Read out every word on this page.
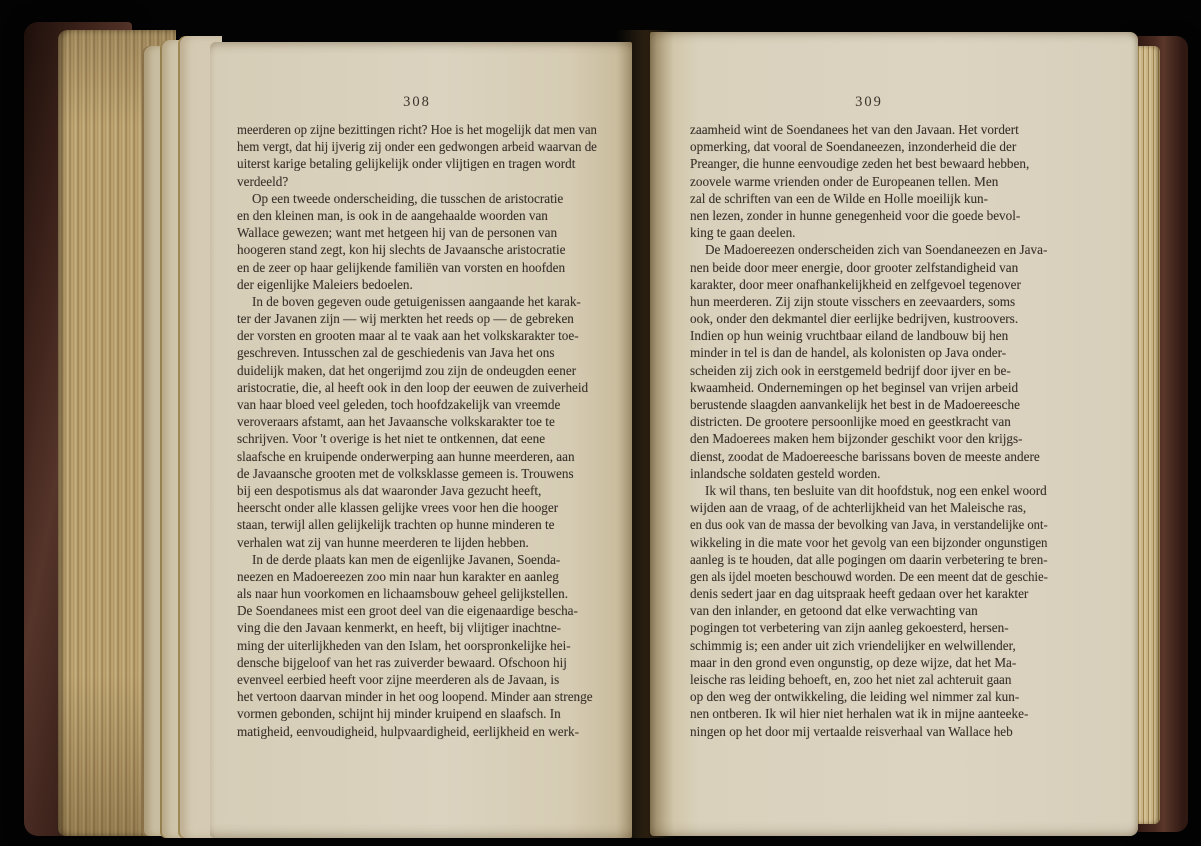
308
meerderen op zijne bezittingen richt? Hoe is het mogelijk dat men van
hem vergt, dat hij ijverig zij onder een gedwongen arbeid waarvan de
uiterst karige betaling gelijkelijk onder vlijtigen en tragen wordt
verdeeld?
Op een tweede onderscheiding, die tusschen de aristocratie
en den kleinen man, is ook in de aangehaalde woorden van
Wallace gewezen; want met hetgeen hij van de personen van
hoogeren stand zegt, kon hij slechts de Javaansche aristocratie
en de zeer op haar gelijkende familiën van vorsten en hoofden
der eigenlijke Maleiers bedoelen.
In de boven gegeven oude getuigenissen aangaande het karak-
ter der Javanen zijn — wij merkten het reeds op — de gebreken
der vorsten en grooten maar al te vaak aan het volkskarakter toe-
geschreven. Intusschen zal de geschiedenis van Java het ons
duidelijk maken, dat het ongerijmd zou zijn de ondeugden eener
aristocratie, die, al heeft ook in den loop der eeuwen de zuiverheid
van haar bloed veel geleden, toch hoofdzakelijk van vreemde
veroveraars afstamt, aan het Javaansche volkskarakter toe te
schrijven. Voor 't overige is het niet te ontkennen, dat eene
slaafsche en kruipende onderwerping aan hunne meerderen, aan
de Javaansche grooten met de volksklasse gemeen is. Trouwens
bij een despotismus als dat waaronder Java gezucht heeft,
heerscht onder alle klassen gelijke vrees voor hen die hooger
staan, terwijl allen gelijkelijk trachten op hunne minderen te
verhalen wat zij van hunne meerderen te lijden hebben.
In de derde plaats kan men de eigenlijke Javanen, Soenda-
neezen en Madoereezen zoo min naar hun karakter en aanleg
als naar hun voorkomen en lichaamsbouw geheel gelijkstellen.
De Soendanees mist een groot deel van die eigenaardige bescha-
ving die den Javaan kenmerkt, en heeft, bij vlijtiger inachtne-
ming der uiterlijkheden van den Islam, het oorspronkelijke hei-
densche bijgeloof van het ras zuiverder bewaard. Ofschoon hij
evenveel eerbied heeft voor zijne meerderen als de Javaan, is
het vertoon daarvan minder in het oog loopend. Minder aan strenge
vormen gebonden, schijnt hij minder kruipend en slaafsch. In
matigheid, eenvoudigheid, hulpvaardigheid, eerlijkheid en werk-
309
zaamheid wint de Soendanees het van den Javaan. Het vordert
opmerking, dat vooral de Soendaneezen, inzonderheid die der
Preanger, die hunne eenvoudige zeden het best bewaard hebben,
zoovele warme vrienden onder de Europeanen tellen. Men
zal de schriften van een de Wilde en Holle moeilijk kun-
nen lezen, zonder in hunne genegenheid voor die goede bevol-
king te gaan deelen.
De Madoereezen onderscheiden zich van Soendaneezen en Java-
nen beide door meer energie, door grooter zelfstandigheid van
karakter, door meer onafhankelijkheid en zelfgevoel tegenover
hun meerderen. Zij zijn stoute visschers en zeevaarders, soms
ook, onder den dekmantel dier eerlijke bedrijven, kustroovers.
Indien op hun weinig vruchtbaar eiland de landbouw bij hen
minder in tel is dan de handel, als kolonisten op Java onder-
scheiden zij zich ook in eerstgemeld bedrijf door ijver en be-
kwaamheid. Ondernemingen op het beginsel van vrijen arbeid
berustende slaagden aanvankelijk het best in de Madoereesche
districten. De grootere persoonlijke moed en geestkracht van
den Madoerees maken hem bijzonder geschikt voor den krijgs-
dienst, zoodat de Madoereesche barissans boven de meeste andere
inlandsche soldaten gesteld worden.
Ik wil thans, ten besluite van dit hoofdstuk, nog een enkel woord
wijden aan de vraag, of de achterlijkheid van het Maleische ras,
en dus ook van de massa der bevolking van Java, in verstandelijke ont-
wikkeling in die mate voor het gevolg van een bijzonder ongunstigen
aanleg is te houden, dat alle pogingen om daarin verbetering te bren-
gen als ijdel moeten beschouwd worden. De een meent dat de geschie-
denis sedert jaar en dag uitspraak heeft gedaan over het karakter
van den inlander, en getoond dat elke verwachting van
pogingen tot verbetering van zijn aanleg gekoesterd, hersen-
schimmig is; een ander uit zich vriendelijker en welwillender,
maar in den grond even ongunstig, op deze wijze, dat het Ma-
leische ras leiding behoeft, en, zoo het niet zal achteruit gaan
op den weg der ontwikkeling, die leiding wel nimmer zal kun-
nen ontberen. Ik wil hier niet herhalen wat ik in mijne aanteeke-
ningen op het door mij vertaalde reisverhaal van Wallace heb
